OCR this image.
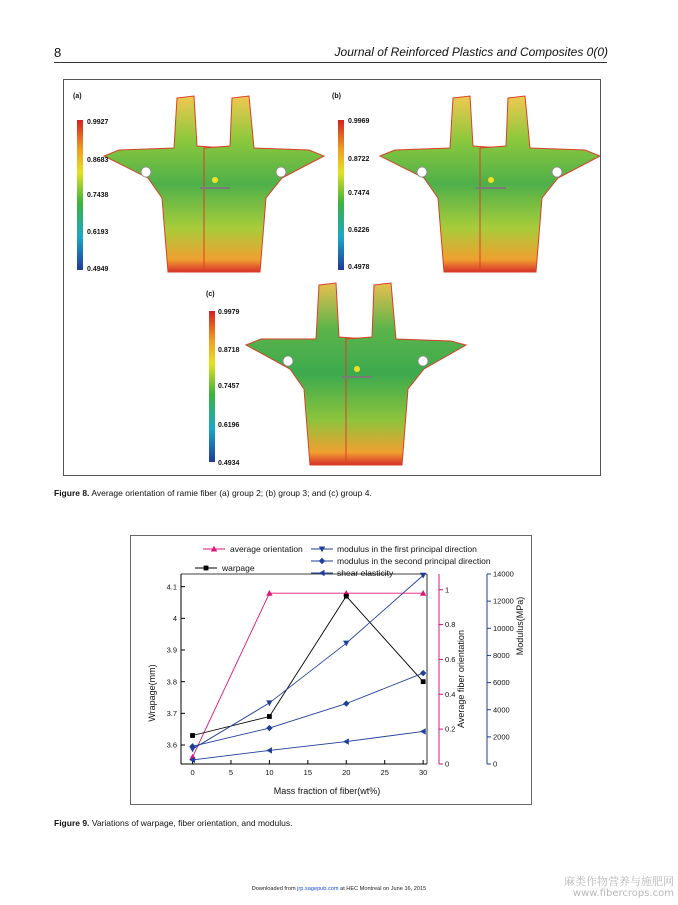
8	Journal of Reinforced Plastics and Composites 0(0)
(a)
0.9927
0.8683
0.7438
0.6193
0.4949
(b)
0.9969
0.8722
0.7474
0.6226
0.4978
(c)
0.9979
0.8718
0.7457
0.6196
0.4934
Figure 8. Average orientation of ramie fiber (a) group 2; (b) group 3; and (c) group 4.
average orientation
warpage
modulus in the first principal direction
modulus in the second principal direction
shear elasticity
Mass fraction of fiber(wt%)
Wrapage(mm)	Average fiber orientation
Modulus(MPa)
3.6
3.7
3.8
3.9
4
4.1
0
0.2
0.4
0.6
0.8
1
0
2000
4000
6000
8000
10000
12000
14000
0	5	10	15	20	25	30
Figure 9. Variations of warpage, fiber orientation, and modulus.
Downloaded from jrp.sagepub.com at HEC Montreal on June 16, 2015
麻类作物营养与施肥网
www.fibercrops.com
